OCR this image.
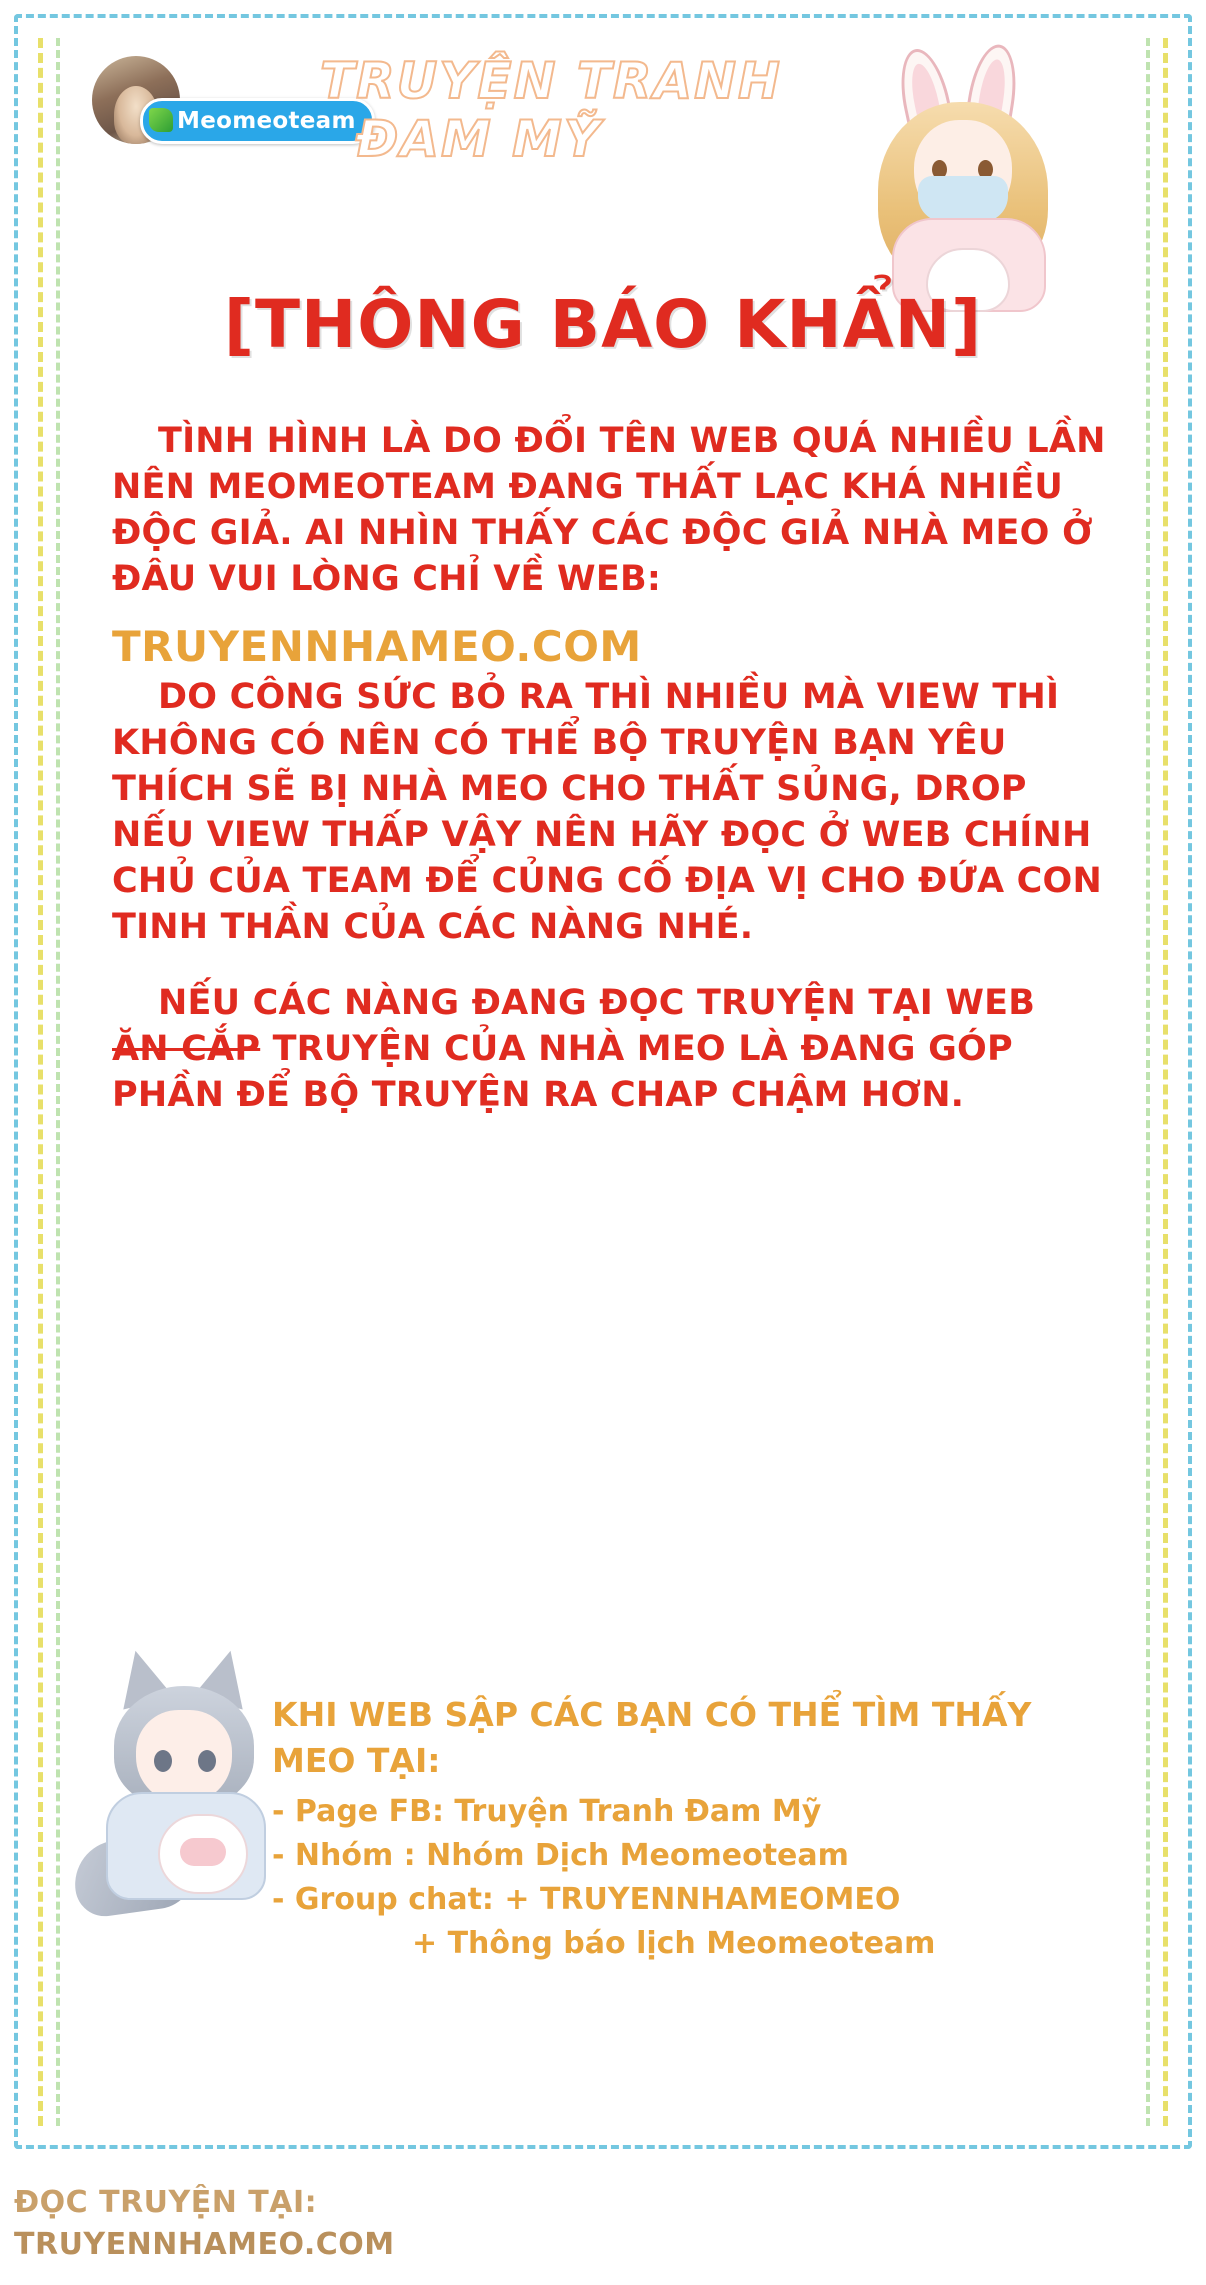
Meomeoteam
TRUYỆN TRANH
ĐAM MỸ
[THÔNG BÁO KHẨN]

TÌNH HÌNH LÀ DO ĐỔI TÊN WEB QUÁ NHIỀU LẦN NÊN MEOMEOTEAM ĐANG THẤT LẠC KHÁ NHIỀU ĐỘC GIẢ. AI NHÌN THẤY CÁC ĐỘC GIẢ NHÀ MEO Ở ĐÂU VUI LÒNG CHỈ VỀ WEB:

TRUYENNHAMEO.COM

DO CÔNG SỨC BỎ RA THÌ NHIỀU MÀ VIEW THÌ KHÔNG CÓ NÊN CÓ THỂ BỘ TRUYỆN BẠN YÊU THÍCH SẼ BỊ NHÀ MEO CHO THẤT SỦNG, DROP NẾU VIEW THẤP VẬY NÊN HÃY ĐỌC Ở WEB CHÍNH CHỦ CỦA TEAM ĐỂ CỦNG CỐ ĐỊA VỊ CHO ĐỨA CON TINH THẦN CỦA CÁC NÀNG NHÉ.

NẾU CÁC NÀNG ĐANG ĐỌC TRUYỆN TẠI WEB

ĂN CẮP TRUYỆN CỦA NHÀ MEO LÀ ĐANG GÓP PHẦN ĐỂ BỘ TRUYỆN RA CHAP CHẬM HƠN.

KHI WEB SẬP CÁC BẠN CÓ THỂ TÌM THẤY MEO TẠI:
- Page FB: Truyện Tranh Đam Mỹ
- Nhóm : Nhóm Dịch Meomeoteam
- Group chat: + TRUYENNHAMEOMEO
+ Thông báo lịch Meomeoteam
ĐỌC TRUYỆN TẠI:
TRUYENNHAMEO.COM
